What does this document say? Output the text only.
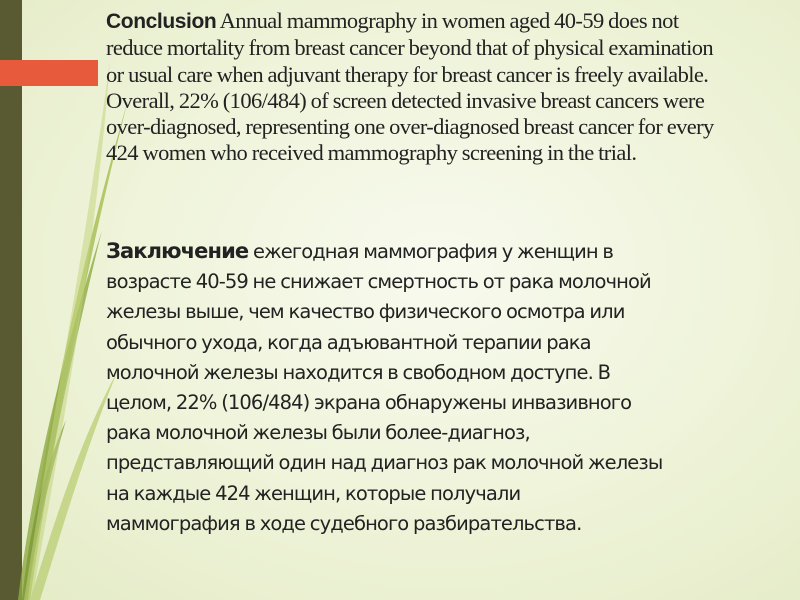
Conclusion Annual mammography in women aged 40-59 does not
reduce mortality from breast cancer beyond that of physical examination
or usual care when adjuvant therapy for breast cancer is freely available.
Overall, 22% (106/484) of screen detected invasive breast cancers were
over-diagnosed, representing one over-diagnosed breast cancer for every
424 women who received mammography screening in the trial.
Заключение ежегодная маммография у женщин в
возрасте 40-59 не снижает смертность от рака молочной
железы выше, чем качество физического осмотра или
обычного ухода, когда адъювантной терапии рака
молочной железы находится в свободном доступе. В
целом, 22% (106/484) экрана обнаружены инвазивного
рака молочной железы были более-диагноз,
представляющий один над диагноз рак молочной железы
на каждые 424 женщин, которые получали
маммография в ходе судебного разбирательства.
